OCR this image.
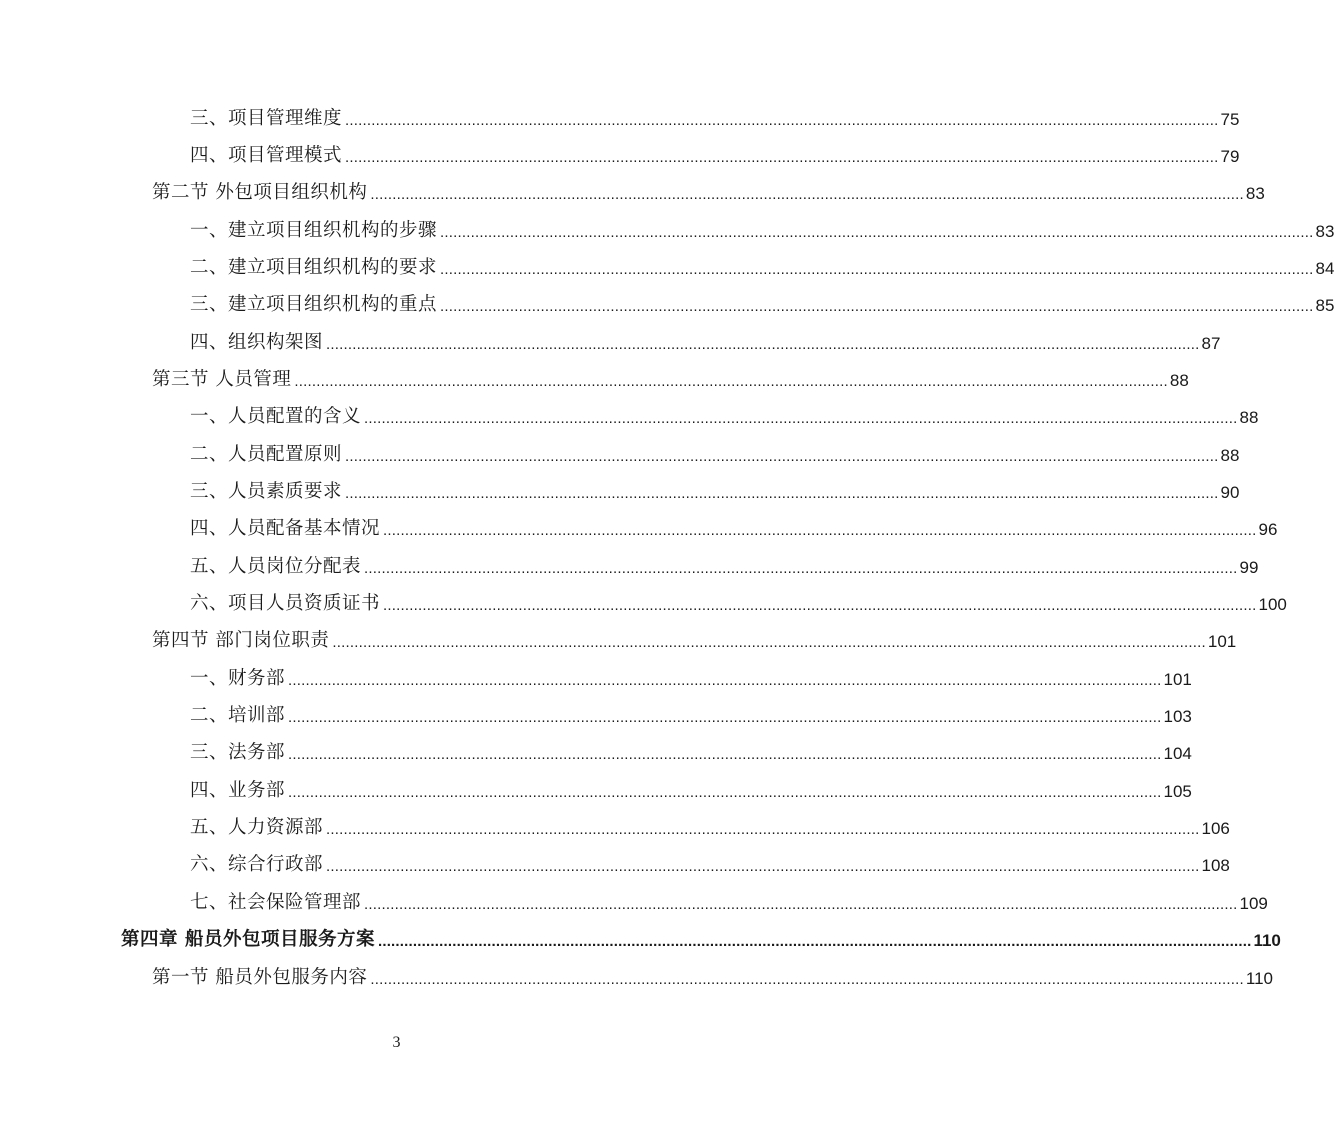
三、项目管理维度 ........................................................................................................................................................................................................ 75
四、项目管理模式 ........................................................................................................................................................................................................ 79
第二节 外包项目组织机构 ........................................................................................................................................................................................................ 83
一、建立项目组织机构的步骤 ........................................................................................................................................................................................................ 83
二、建立项目组织机构的要求 ........................................................................................................................................................................................................ 84
三、建立项目组织机构的重点 ........................................................................................................................................................................................................ 85
四、组织构架图 ........................................................................................................................................................................................................ 87
第三节 人员管理 ........................................................................................................................................................................................................ 88
一、人员配置的含义 ........................................................................................................................................................................................................ 88
二、人员配置原则 ........................................................................................................................................................................................................ 88
三、人员素质要求 ........................................................................................................................................................................................................ 90
四、人员配备基本情况 ........................................................................................................................................................................................................ 96
五、人员岗位分配表 ........................................................................................................................................................................................................ 99
六、项目人员资质证书 ........................................................................................................................................................................................................ 100
第四节 部门岗位职责 ........................................................................................................................................................................................................ 101
一、财务部 ........................................................................................................................................................................................................ 101
二、培训部 ........................................................................................................................................................................................................ 103
三、法务部 ........................................................................................................................................................................................................ 104
四、业务部 ........................................................................................................................................................................................................ 105
五、人力资源部 ........................................................................................................................................................................................................ 106
六、综合行政部 ........................................................................................................................................................................................................ 108
七、社会保险管理部 ........................................................................................................................................................................................................ 109
第四章 船员外包项目服务方案 ........................................................................................................................................................................................................ 110
第一节 船员外包服务内容 ........................................................................................................................................................................................................ 110
3
